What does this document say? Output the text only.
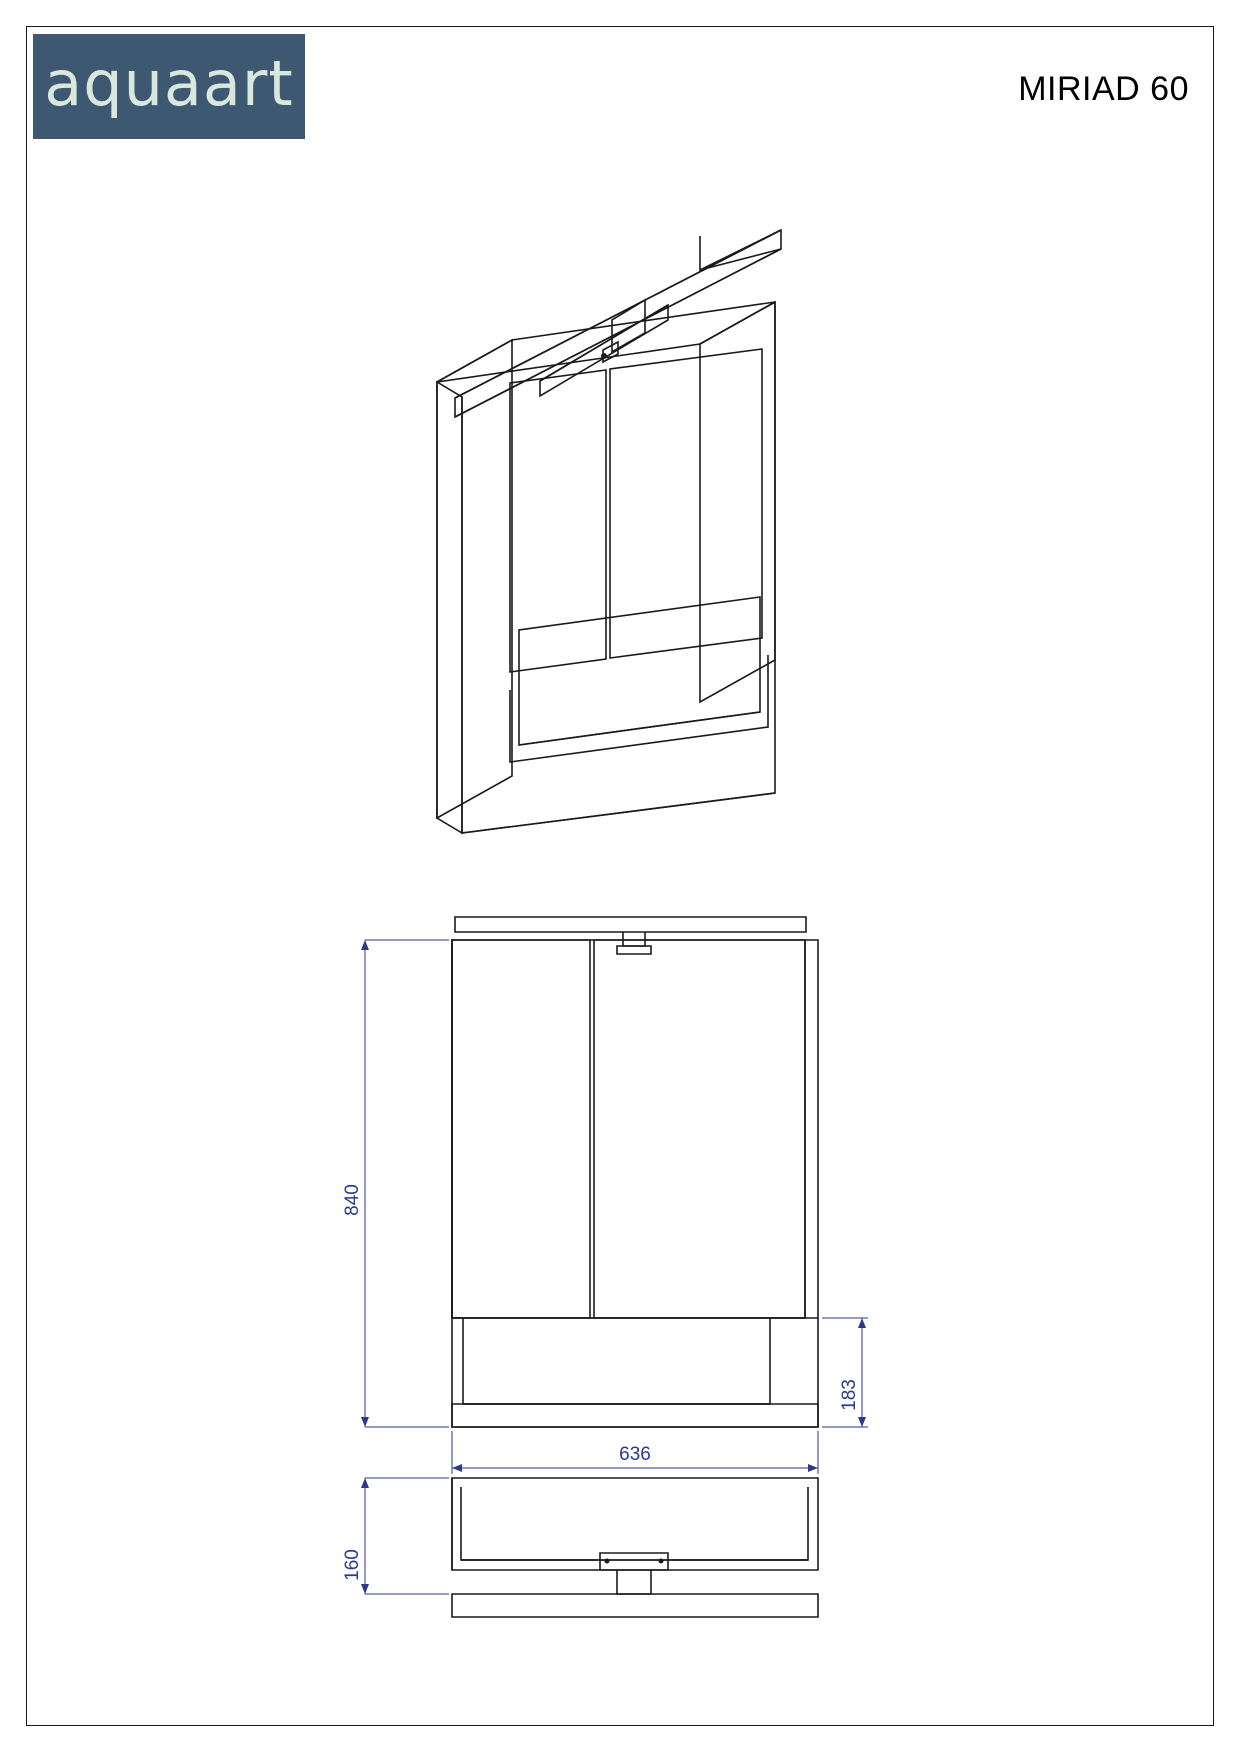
aquaart	MIRIAD 60
840
183
636
160
